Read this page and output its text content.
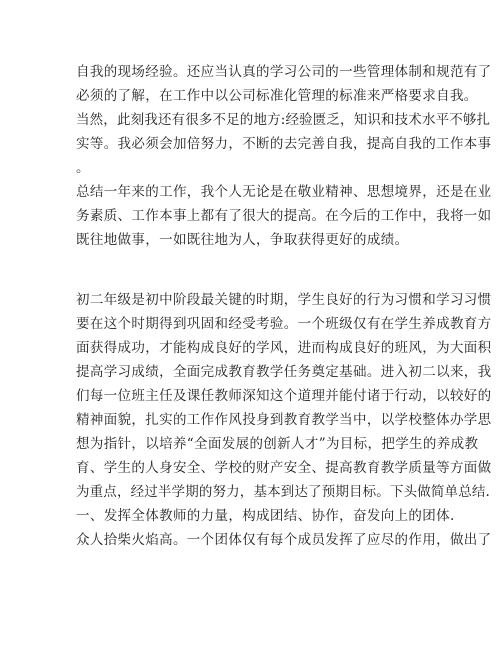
自我的现场经验。还应当认真的学习公司的一些管理体制和规范有了
必须的了解，在工作中以公司标准化管理的标准来严格要求自我。
当然，此刻我还有很多不足的地方:经验匮乏，知识和技术水平不够扎
实等。我必须会加倍努力，不断的去完善自我，提高自我的工作本事
。
总结一年来的工作，我个人无论是在敬业精神、思想境界，还是在业
务素质、工作本事上都有了很大的提高。在今后的工作中，我将一如
既往地做事，一如既往地为人，争取获得更好的成绩。
初二年级是初中阶段最关键的时期，学生良好的行为习惯和学习习惯
要在这个时期得到巩固和经受考验。一个班级仅有在学生养成教育方
面获得成功，才能构成良好的学风，进而构成良好的班风，为大面积
提高学习成绩，全面完成教育教学任务奠定基础。进入初二以来，我
们每一位班主任及课任教师深知这个道理并能付诸于行动，以较好的
精神面貌，扎实的工作作风投身到教育教学当中，以学校整体办学思
想为指针，以培养“全面发展的创新人才”为目标，把学生的养成教
育、学生的人身安全、学校的财产安全、提高教育教学质量等方面做
为重点，经过半学期的努力，基本到达了预期目标。下头做简单总结.
一、发挥全体教师的力量，构成团结、协作，奋发向上的团体.
众人拾柴火焰高。一个团体仅有每个成员发挥了应尽的作用，做出了
